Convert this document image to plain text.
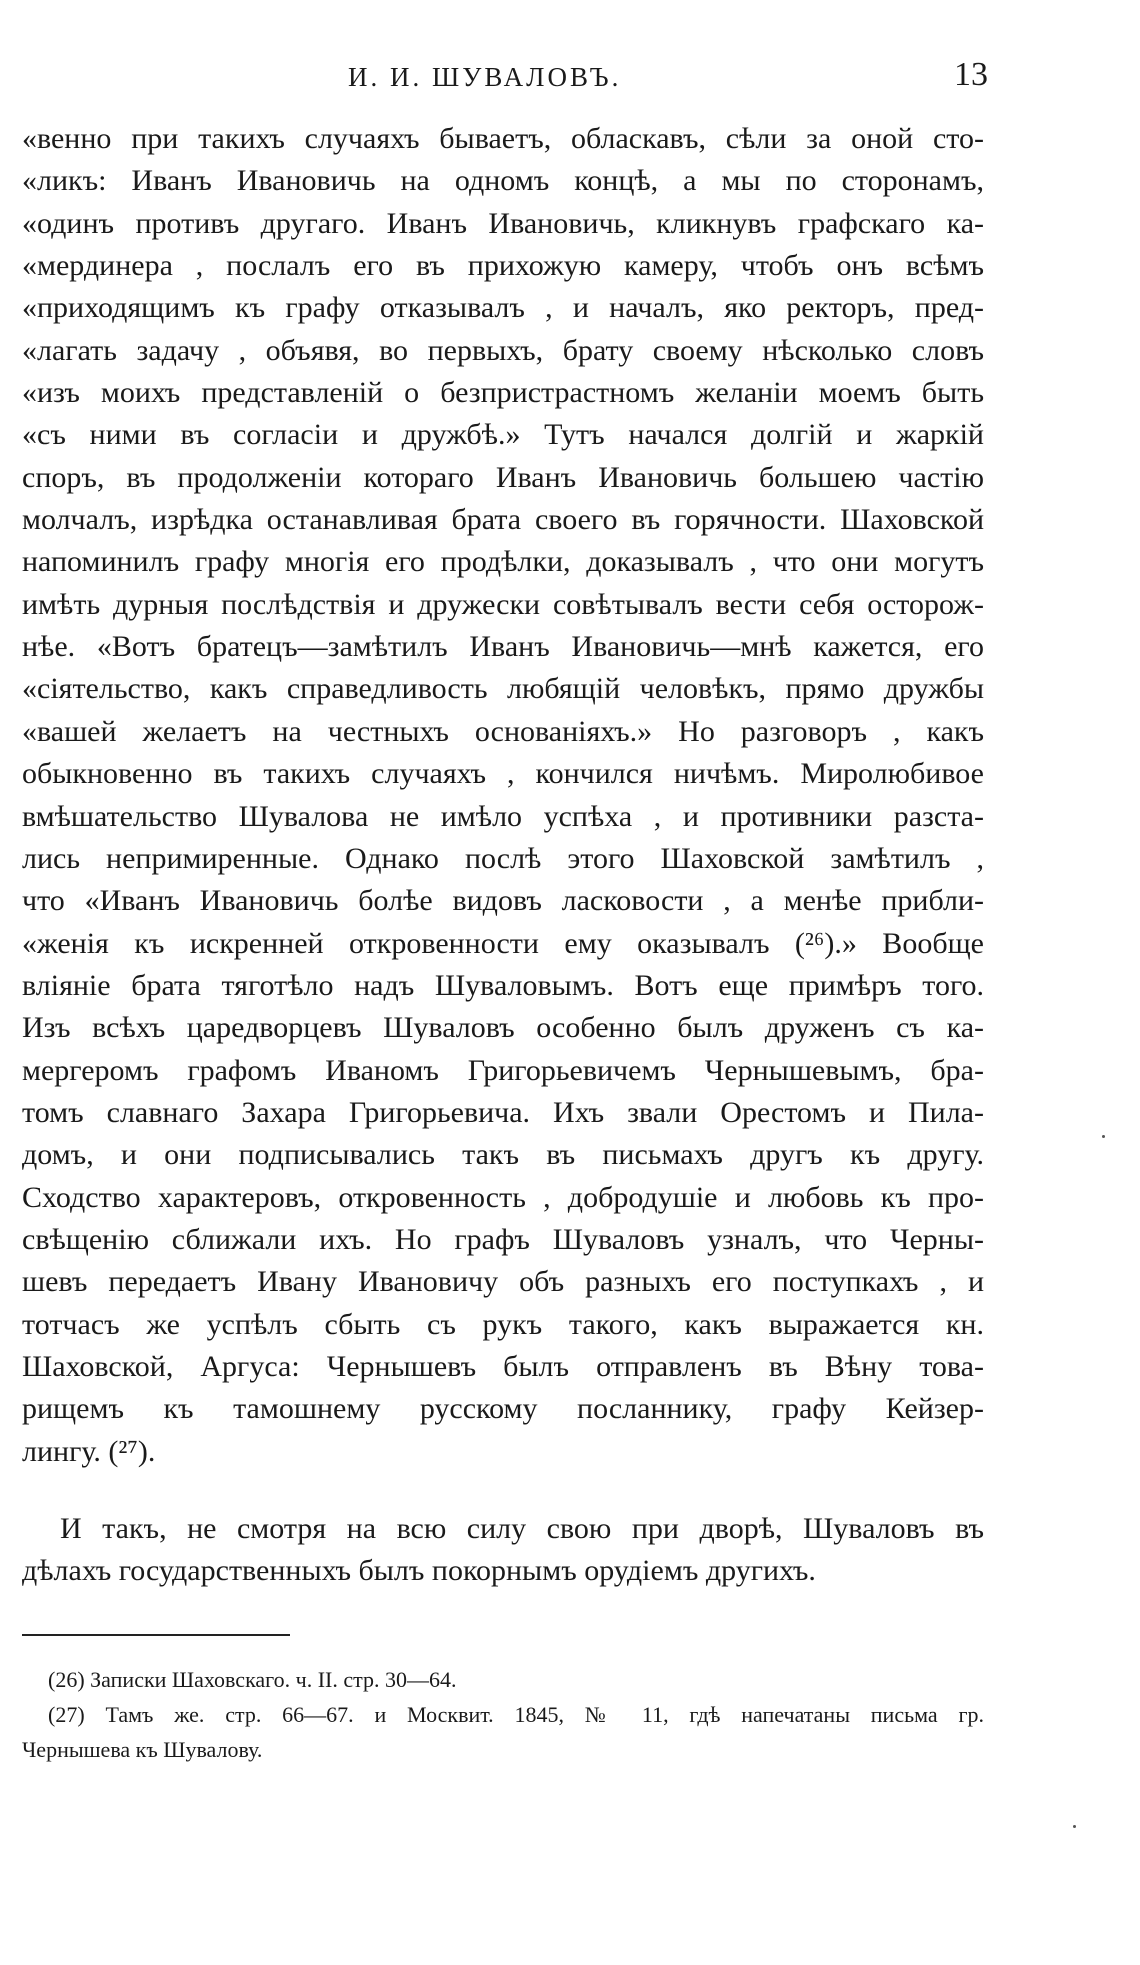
И. И. ШУВАЛОВЪ.	13
«венно при такихъ случаяхъ бываетъ, обласкавъ, сѣли за оной сто-
«ликъ: Иванъ Ивановичь на одномъ концѣ, а мы по сторонамъ,
«одинъ противъ другаго. Иванъ Ивановичь, кликнувъ графскаго ка-
«мердинера , послалъ его въ прихожую камеру, чтобъ онъ всѣмъ
«приходящимъ къ графу отказывалъ , и началъ, яко ректоръ, пред-
«лагать задачу , объявя, во первыхъ, брату своему нѣсколько словъ
«изъ моихъ представленій о безпристрастномъ желаніи моемъ быть
«съ ними въ согласіи и дружбѣ.» Тутъ начался долгій и жаркій
споръ, въ продолженіи котораго Иванъ Ивановичь большею частію
молчалъ, изрѣдка останавливая брата своего въ горячности. Шаховской
напоминилъ графу многія его продѣлки, доказывалъ , что они могутъ
имѣть дурныя послѣдствія и дружески совѣтывалъ вести себя осторож-
нѣе. «Вотъ братецъ—замѣтилъ Иванъ Ивановичь—мнѣ кажется, его
«сіятельство, какъ справедливость любящій человѣкъ, прямо дружбы
«вашей желаетъ на честныхъ основаніяхъ.» Но разговоръ , какъ
обыкновенно въ такихъ случаяхъ , кончился ничѣмъ. Миролюбивое
вмѣшательство Шувалова не имѣло успѣха , и противники разста-
лись непримиренные. Однако послѣ этого Шаховской замѣтилъ ,
что «Иванъ Ивановичь болѣе видовъ ласковости , а менѣе прибли-
«женія къ искренней откровенности ему оказывалъ (²⁶).» Вообще
вліяніе брата тяготѣло надъ Шуваловымъ. Вотъ еще примѣръ того.
Изъ всѣхъ царедворцевъ Шуваловъ особенно былъ друженъ съ ка-
мергеромъ графомъ Иваномъ Григорьевичемъ Чернышевымъ, бра-
томъ славнаго Захара Григорьевича. Ихъ звали Орестомъ и Пила-
домъ, и они подписывались такъ въ письмахъ другъ къ другу.
Сходство характеровъ, откровенность , добродушіе и любовь къ про-
свѣщенію сближали ихъ. Но графъ Шуваловъ узналъ, что Черны-
шевъ передаетъ Ивану Ивановичу объ разныхъ его поступкахъ , и
тотчасъ же успѣлъ сбыть съ рукъ такого, какъ выражается кн.
Шаховской, Аргуса: Чернышевъ былъ отправленъ въ Вѣну това-
рищемъ къ тамошнему русскому посланнику, графу Кейзер-
лингу. (²⁷).
И такъ, не смотря на всю силу свою при дворѣ, Шуваловъ въ
дѣлахъ государственныхъ былъ покорнымъ орудіемъ другихъ.
(26) Записки Шаховскаго. ч. II. стр. 30—64.
(27) Тамъ же. стр. 66—67. и Москвит. 1845, № 11, гдѣ напечатаны письма гр.
Чернышева къ Шувалову.
